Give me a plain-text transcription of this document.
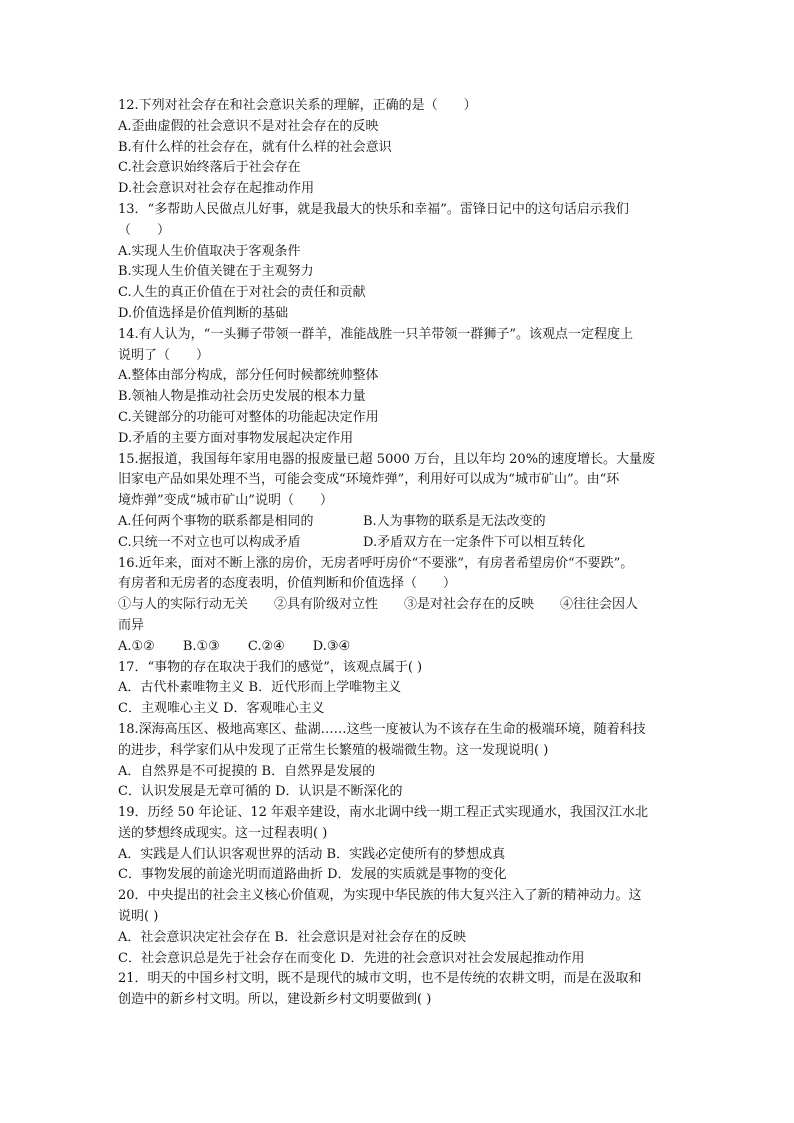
12.下列对社会存在和社会意识关系的理解，正确的是（　　）
A.歪曲虚假的社会意识不是对社会存在的反映
B.有什么样的社会存在，就有什么样的社会意识
C.社会意识始终落后于社会存在
D.社会意识对社会存在起推动作用
13．“多帮助人民做点儿好事，就是我最大的快乐和幸福”。雷锋日记中的这句话启示我们
（　　）
A.实现人生价值取决于客观条件
B.实现人生价值关键在于主观努力
C.人生的真正价值在于对社会的责任和贡献
D.价值选择是价值判断的基础
14.有人认为，“一头狮子带领一群羊，准能战胜一只羊带领一群狮子”。该观点一定程度上
说明了（　　）
A.整体由部分构成，部分任何时候都统帅整体
B.领袖人物是推动社会历史发展的根本力量
C.关键部分的功能可对整体的功能起决定作用
D.矛盾的主要方面对事物发展起决定作用
15.据报道，我国每年家用电器的报废量已超 5000 万台，且以年均 20%的速度增长。大量废
旧家电产品如果处理不当，可能会变成“环境炸弹”，利用好可以成为“城市矿山”。由“环
境炸弹”变成“城市矿山”说明（　　）
A.任何两个事物的联系都是相同的	B.人为事物的联系是无法改变的
C.只统一不对立也可以构成矛盾	D.矛盾双方在一定条件下可以相互转化
16.近年来，面对不断上涨的房价，无房者呼吁房价“不要涨”，有房者希望房价“不要跌”。
有房者和无房者的态度表明，价值判断和价值选择（　　）
①与人的实际行动无关 ②具有阶级对立性 ③是对社会存在的反映 ④往往会因人
而异
A.①② B.①③ C.②④ D.③④
17．“事物的存在取决于我们的感觉”，该观点属于( )
A．古代朴素唯物主义 B．近代形而上学唯物主义
C．主观唯心主义 D．客观唯心主义
18.深海高压区、极地高寒区、盐湖……这些一度被认为不该存在生命的极端环境，随着科技
的进步，科学家们从中发现了正常生长繁殖的极端微生物。这一发现说明( )
A．自然界是不可捉摸的 B．自然界是发展的
C．认识发展是无章可循的 D．认识是不断深化的
19．历经 50 年论证、12 年艰辛建设，南水北调中线一期工程正式实现通水，我国汉江水北
送的梦想终成现实。这一过程表明( )
A．实践是人们认识客观世界的活动 B．实践必定使所有的梦想成真
C．事物发展的前途光明而道路曲折 D．发展的实质就是事物的变化
20．中央提出的社会主义核心价值观，为实现中华民族的伟大复兴注入了新的精神动力。这
说明( )
A．社会意识决定社会存在 B．社会意识是对社会存在的反映
C．社会意识总是先于社会存在而变化 D．先进的社会意识对社会发展起推动作用
21．明天的中国乡村文明，既不是现代的城市文明，也不是传统的农耕文明，而是在汲取和
创造中的新乡村文明。所以，建设新乡村文明要做到( )
